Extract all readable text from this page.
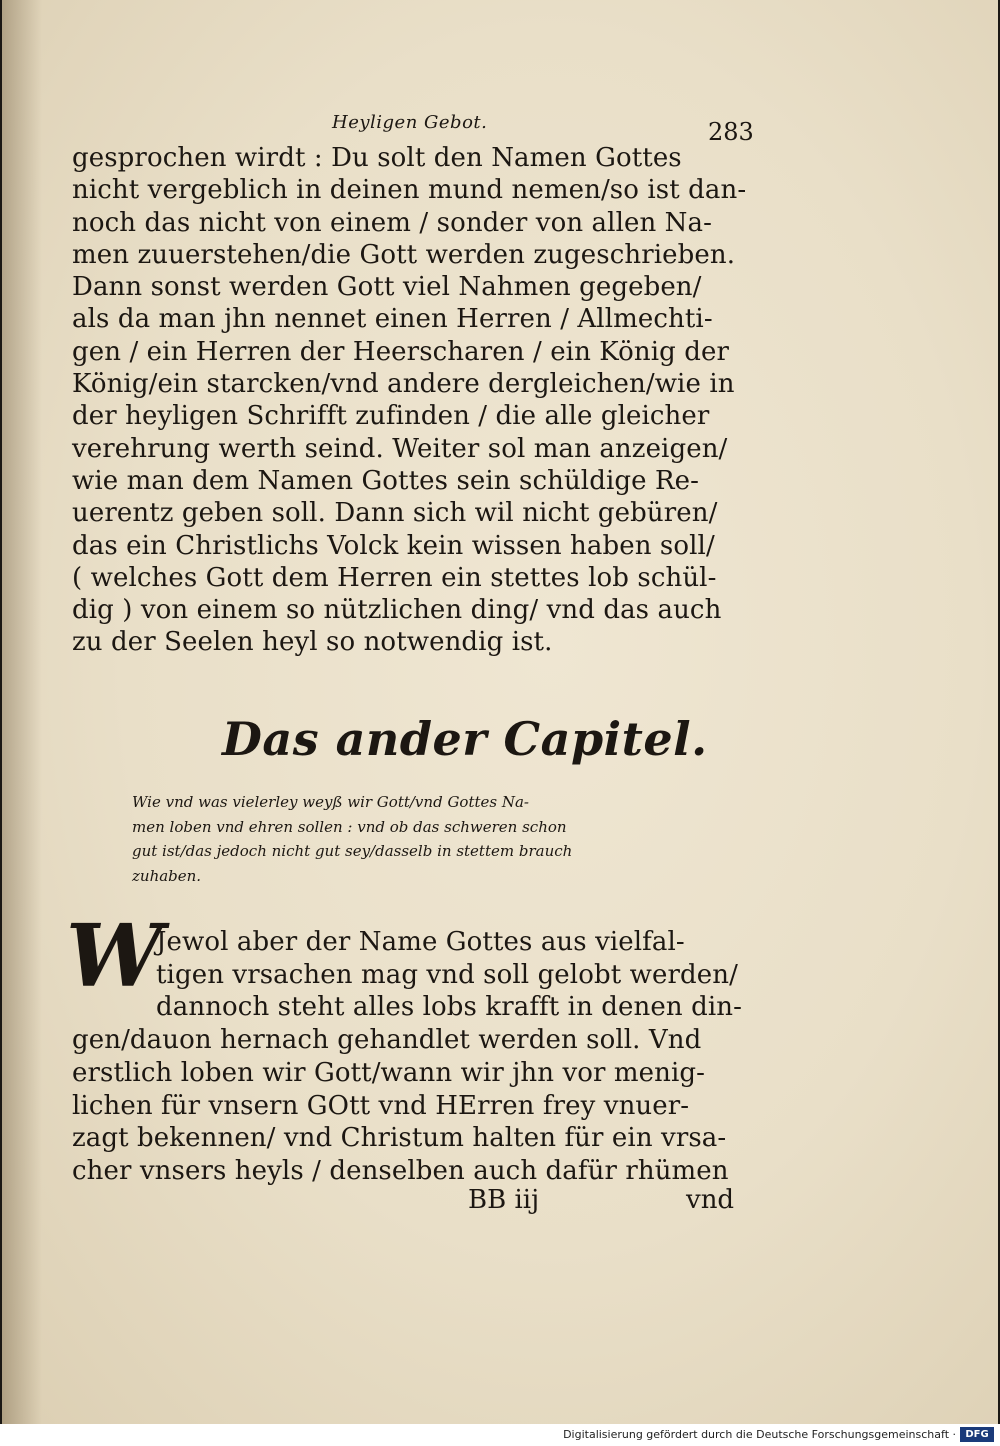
Heyligen Gebot.	283
gesprochen wirdt : Du solt den Namen Gottes
nicht vergeblich in deinen mund nemen/so ist dan-
noch das nicht von einem / sonder von allen Na-
men zuuerstehen/die Gott werden zugeschrieben.
Dann sonst werden Gott viel Nahmen gegeben/
als da man jhn nennet einen Herren / Allmechti-
gen / ein Herren der Heerscharen / ein König der
König/ein starcken/vnd andere dergleichen/wie in
der heyligen Schrifft zufinden / die alle gleicher
verehrung werth seind. Weiter sol man anzeigen/
wie man dem Namen Gottes sein schüldige Re-
uerentz geben soll. Dann sich wil nicht gebüren/
das ein Christlichs Volck kein wissen haben soll/
( welches Gott dem Herren ein stettes lob schül-
dig ) von einem so nützlichen ding/ vnd das auch
zu der Seelen heyl so notwendig ist.
Das ander Capitel.
Wie vnd was vielerley weyß wir Gott/vnd Gottes Na-
men loben vnd ehren sollen : vnd ob das schweren schon
gut ist/das jedoch nicht gut sey/dasselb in stettem brauch
zuhaben.
W
Jewol aber der Name Gottes aus vielfal-
tigen vrsachen mag vnd soll gelobt werden/
dannoch steht alles lobs krafft in denen din-
gen/dauon hernach gehandlet werden soll. Vnd
erstlich loben wir Gott/wann wir jhn vor menig-
lichen für vnsern GOtt vnd HErren frey vnuer-
zagt bekennen/ vnd Christum halten für ein vrsa-
cher vnsers heyls / denselben auch dafür rhümen
BB iij	vnd
Digitalisierung gefördert durch die Deutsche Forschungsgemeinschaft · DFG
